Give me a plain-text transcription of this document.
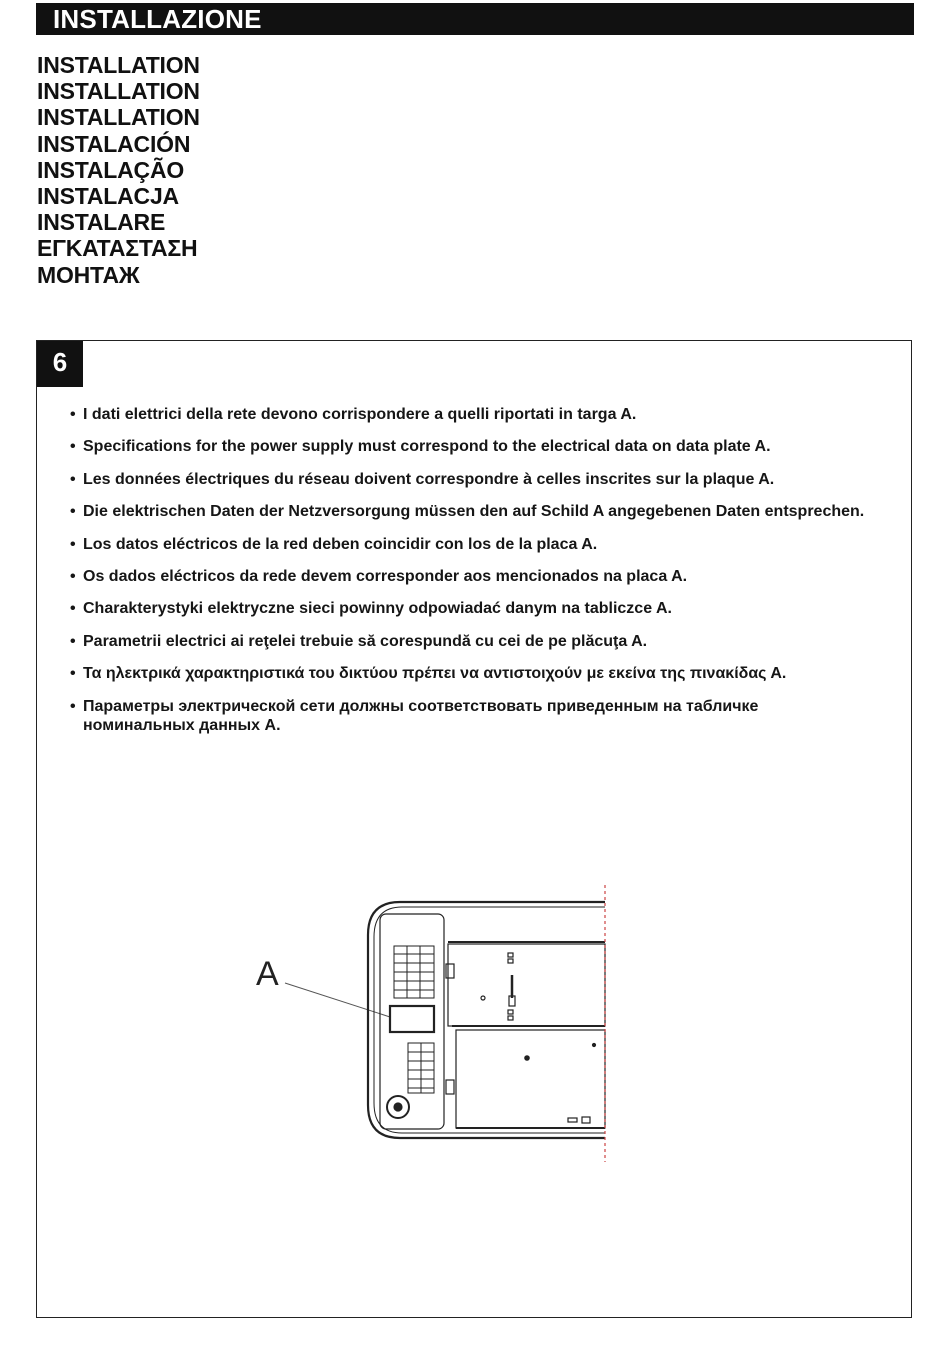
INSTALLAZIONE
INSTALLATION
INSTALLATION
INSTALLATION
INSTALACIÓN
INSTALAÇÃO
INSTALACJA
INSTALARE
ΕΓΚΑΤΑΣΤΑΣΗ
МОНТАЖ
6
• I dati elettrici della rete devono corrispondere a quelli riportati in targa A.
• Specifications for the power supply must correspond to the electrical data on data plate A.
• Les données électriques du réseau doivent correspondre à celles inscrites sur la plaque A.
• Die elektrischen Daten der Netzversorgung müssen den auf Schild A angegebenen Daten entsprechen.
• Los datos eléctricos de la red deben coincidir con los de la placa A.
• Os dados eléctricos da rede devem corresponder aos mencionados na placa A.
• Charakterystyki elektryczne sieci powinny odpowiadać danym na tabliczce A.
• Parametrii electrici ai reţelei trebuie să corespundă cu cei de pe plăcuţa A.
• Τα ηλεκτρικά χαρακτηριστικά του δικτύου πρέπει να αντιστοιχούν με εκείνα της πινακίδας Α.
• Параметры электрической сети должны соответствовать приведенным на табличке номинальных данных А.
A
